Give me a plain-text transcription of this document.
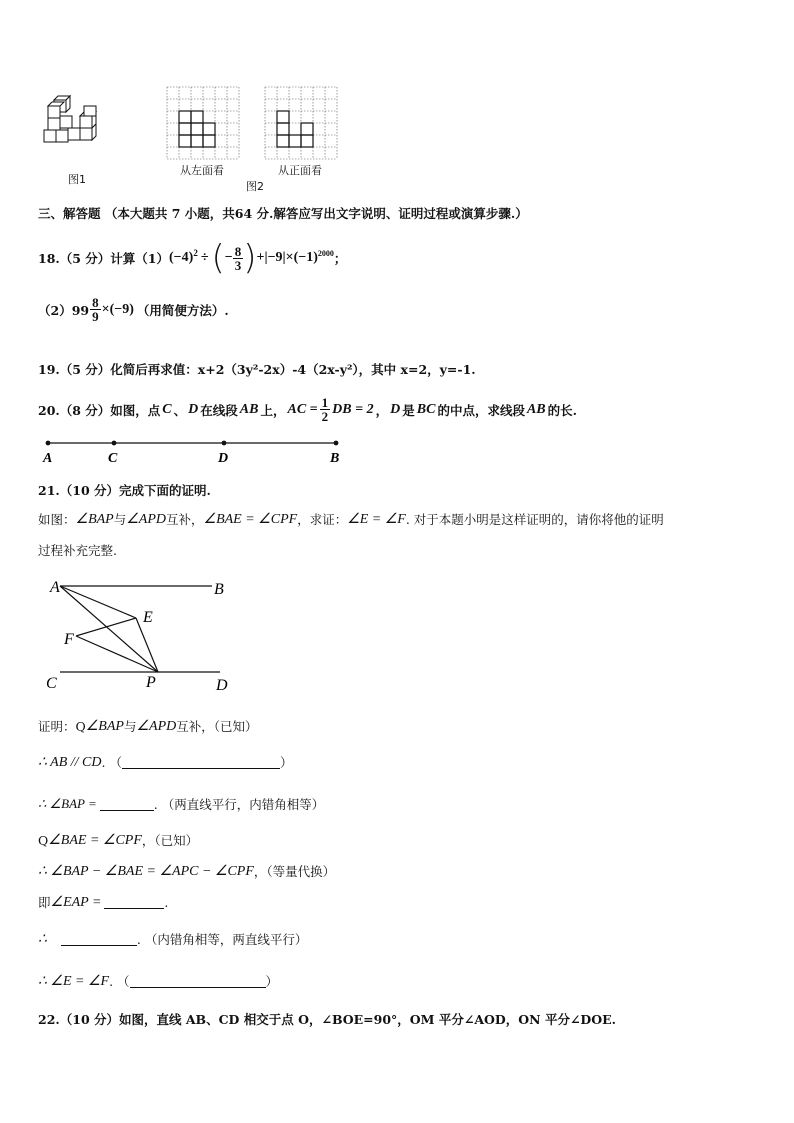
图1
从左面看	从正面看
图2
三、解答题 （本大题共 7 小题，共64 分.解答应写出文字说明、证明过程或演算步骤.）
18.（5 分）计算（1） $(-4)^2$ ÷ ( − $\frac{8}{3}$ ) $+|-9|\times(-1)^{2000}$ ；
$(2)99 \frac{8}{9} \times(-9)$ （用简便方法）.
19.（5 分）化简后再求值：x+2（3y²-2x）-4（2x-y²），其中 x=2，y=-1.
20.（8 分）如图，点 C 、 D 在线段 AB 上， AC = $\frac{1}{2}$ DB = 2 ， D 是 BC 的中点，求线段 AB 的长.
A	C	D	B
21.（10 分）完成下面的证明.
如图： ∠BAP 与 ∠APD 互补， ∠BAE = ∠CPF ，求证： ∠E = ∠F . 对于本题小明是这样证明的，请你将他的证明
过程补充完整.
A	B
E
F
C	P	D
证明：Q ∠BAP 与 ∠APD 互补，（已知）
∴ AB // CD . （	）
∴ ∠BAP =	. （两直线平行，内错角相等）
Q ∠BAE = ∠CPF ，（已知）
∴ ∠BAP − ∠BAE = ∠APC − ∠CPF ，（等量代换）
即 ∠EAP =	.
∴	. （内错角相等，两直线平行）
∴ ∠E = ∠F . （	）
22.（10 分）如图，直线 AB、CD 相交于点 O，∠BOE=90°，OM 平分∠AOD，ON 平分∠DOE.
